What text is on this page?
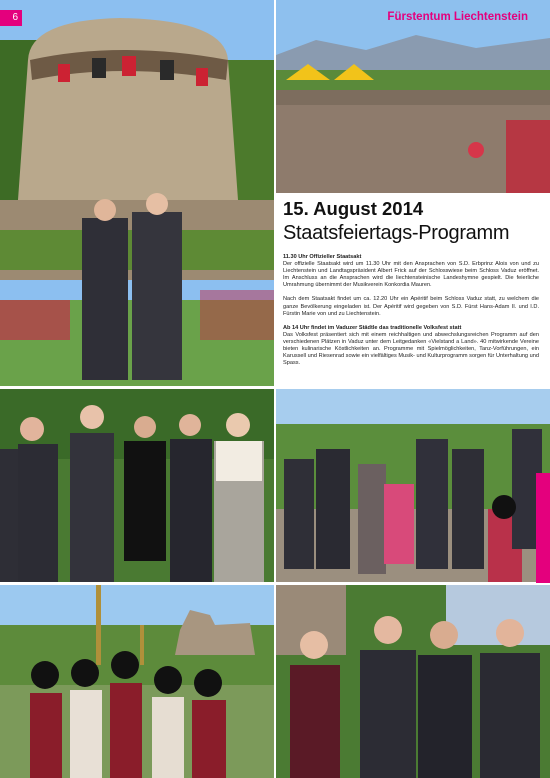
6	Fürstentum Liechtenstein
15. August 2014
Staatsfeiertags-Programm

11.30 Uhr Offizieller Staatsakt
Der offizielle Staatsakt wird um 11.30 Uhr mit den Ansprachen von S.D. Erbprinz Alois von und zu Liechtenstein und Landtagspräsident Albert Frick auf der Schlosswiese beim Schloss Vaduz eröffnet. Im Anschluss an die Ansprachen wird die liechtensteinische Landeshymne gespielt. Die feierliche Umrahmung übernimmt der Musikverein Konkordia Mauren.

Nach dem Staatsakt findet um ca. 12.20 Uhr ein Apéritif beim Schloss Vaduz statt, zu welchem die ganze Bevölkerung eingeladen ist. Der Apéritif wird gegeben von S.D. Fürst Hans-Adam II. und I.D. Fürstin Marie von und zu Liechtenstein.

Ab 14 Uhr findet im Vaduzer Städtle das traditionelle Volksfest statt
Das Volksfest präsentiert sich mit einem reichhaltigen und abwechslungsreichen Programm auf den verschiedenen Plätzen in Vaduz unter dem Leitgedanken «Vielstand a Land». 40 mitwirkende Vereine bieten kulinarische Köstlichkeiten an. Programme mit Spielmöglichkeiten, Tanz-Vorführungen, ein Karussell und Riesenrad sowie ein vielfältiges Musik- und Kulturprogramm sorgen für Unterhaltung und Spass.
